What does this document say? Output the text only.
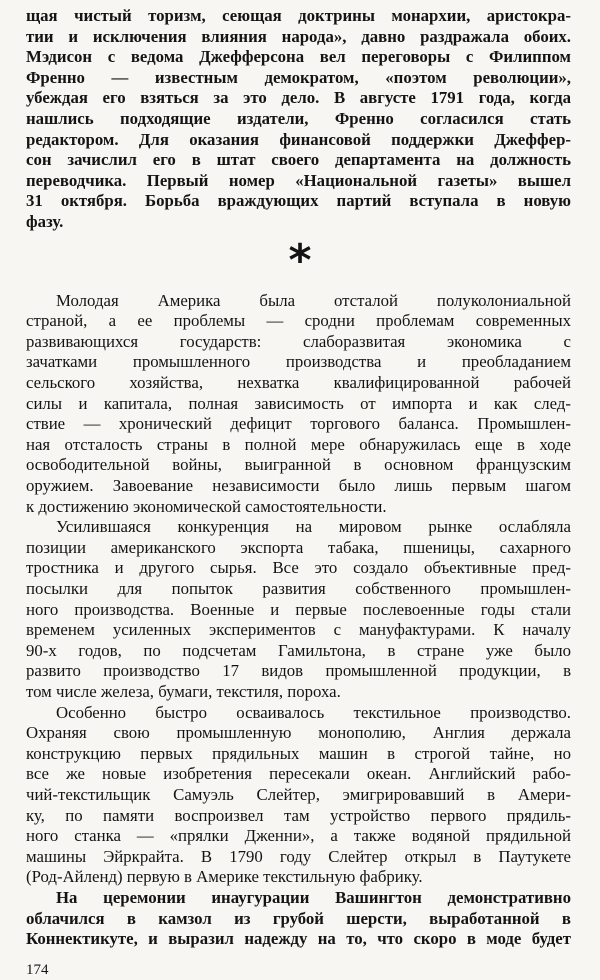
щая чистый торизм, сеющая доктрины монархии, аристокра-
тии и исключения влияния народа», давно раздражала обоих.
Мэдисон с ведома Джефферсона вел переговоры с Филиппом
Френно — известным демократом, «поэтом революции»,
убеждая его взяться за это дело. В августе 1791 года, когда
нашлись подходящие издатели, Френно согласился стать
редактором. Для оказания финансовой поддержки Джеффер-
сон зачислил его в штат своего департамента на должность
переводчика. Первый номер «Национальной газеты» вышел
31 октября. Борьба враждующих партий вступала в новую
фазу.
*
Молодая Америка была отсталой полуколониальной
страной, а ее проблемы — сродни проблемам современных
развивающихся государств: слаборазвитая экономика с
зачатками промышленного производства и преобладанием
сельского хозяйства, нехватка квалифицированной рабочей
силы и капитала, полная зависимость от импорта и как след-
ствие — хронический дефицит торгового баланса. Промышлен-
ная отсталость страны в полной мере обнаружилась еще в ходе
освободительной войны, выигранной в основном французским
оружием. Завоевание независимости было лишь первым шагом
к достижению экономической самостоятельности.
Усилившаяся конкуренция на мировом рынке ослабляла
позиции американского экспорта табака, пшеницы, сахарного
тростника и другого сырья. Все это создало объективные пред-
посылки для попыток развития собственного промышлен-
ного производства. Военные и первые послевоенные годы стали
временем усиленных экспериментов с мануфактурами. К началу
90-х годов, по подсчетам Гамильтона, в стране уже было
развито производство 17 видов промышленной продукции, в
том числе железа, бумаги, текстиля, пороха.
Особенно быстро осваивалось текстильное производство.
Охраняя свою промышленную монополию, Англия держала
конструкцию первых прядильных машин в строгой тайне, но
все же новые изобретения пересекали океан. Английский рабо-
чий-текстильщик Самуэль Слейтер, эмигрировавший в Амери-
ку, по памяти воспроизвел там устройство первого прядиль-
ного станка — «прялки Дженни», а также водяной прядильной
машины Эйркрайта. В 1790 году Слейтер открыл в Паутукете
(Род-Айленд) первую в Америке текстильную фабрику.
На церемонии инаугурации Вашингтон демонстративно
облачился в камзол из грубой шерсти, выработанной в
Коннектикуте, и выразил надежду на то, что скоро в моде будет
174
